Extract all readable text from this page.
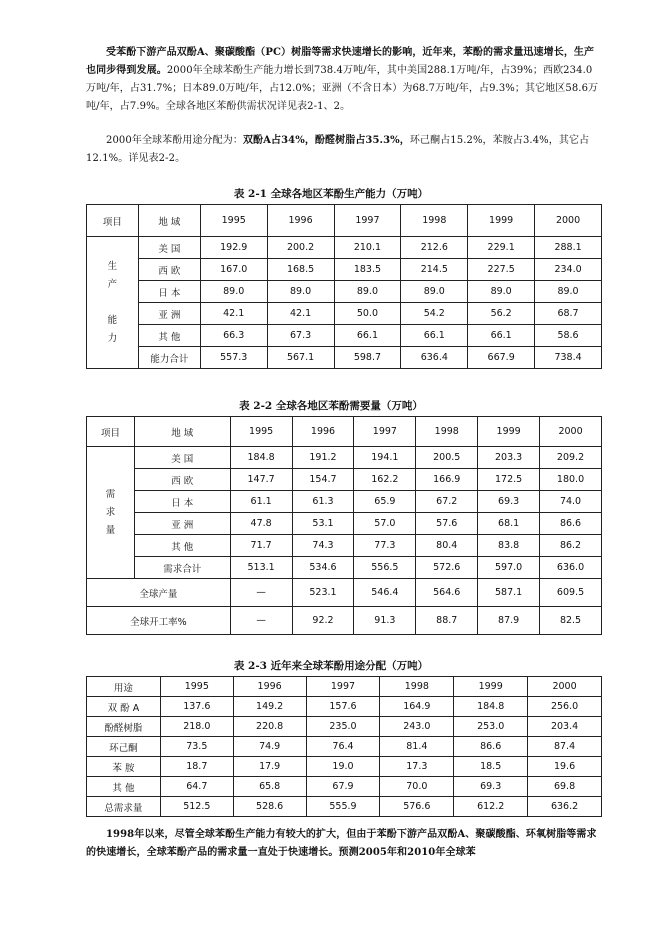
受苯酚下游产品双酚A、聚碳酸酯（PC）树脂等需求快速增长的影响，近年来，苯酚的需求量迅速增长，生产也同步得到发展。2000年全球苯酚生产能力增长到738.4万吨/年，其中美国288.1万吨/年，占39%；西欧234.0万吨/年，占31.7%；日本89.0万吨/年，占12.0%；亚洲（不含日本）为68.7万吨/年，占9.3%；其它地区58.6万吨/年，占7.9%。全球各地区苯酚供需状况详见表2-1、2。

2000年全球苯酚用途分配为：双酚A占34%，酚醛树脂占35.3%，环己酮占15.2%，苯胺占3.4%，其它占12.1%。详见表2-2。

表 2-1 全球各地区苯酚生产能力（万吨）
项目	地 域	1995	1996	1997	1998	1999	2000
生
产

能
力	美 国	192.9	200.2	210.1	212.6	229.1	288.1
	西 欧	167.0	168.5	183.5	214.5	227.5	234.0
	日 本	89.0	89.0	89.0	89.0	89.0	89.0
	亚 洲	42.1	42.1	50.0	54.2	56.2	68.7
	其 他	66.3	67.3	66.1	66.1	66.1	58.6
	能力合计	557.3	567.1	598.7	636.4	667.9	738.4
表 2-2 全球各地区苯酚需要量（万吨）
项目	地 域	1995	1996	1997	1998	1999	2000
需
求
量	美 国	184.8	191.2	194.1	200.5	203.3	209.2
	西 欧	147.7	154.7	162.2	166.9	172.5	180.0
	日 本	61.1	61.3	65.9	67.2	69.3	74.0
	亚 洲	47.8	53.1	57.0	57.6	68.1	86.6
	其 他	71.7	74.3	77.3	80.4	83.8	86.2
	需求合计	513.1	534.6	556.5	572.6	597.0	636.0
全球产量		—	523.1	546.4	564.6	587.1	609.5
全球开工率%		—	92.2	91.3	88.7	87.9	82.5
表 2-3 近年来全球苯酚用途分配（万吨）
用途	1995	1996	1997	1998	1999	2000
双 酚 A	137.6	149.2	157.6	164.9	184.8	256.0
酚醛树脂	218.0	220.8	235.0	243.0	253.0	203.4
环己酮	73.5	74.9	76.4	81.4	86.6	87.4
苯 胺	18.7	17.9	19.0	17.3	18.5	19.6
其 他	64.7	65.8	67.9	70.0	69.3	69.8
总需求量	512.5	528.6	555.9	576.6	612.2	636.2

1998年以来，尽管全球苯酚生产能力有较大的扩大，但由于苯酚下游产品双酚A、聚碳酸酯、环氧树脂等需求的快速增长，全球苯酚产品的需求量一直处于快速增长。预测2005年和2010年全球苯
